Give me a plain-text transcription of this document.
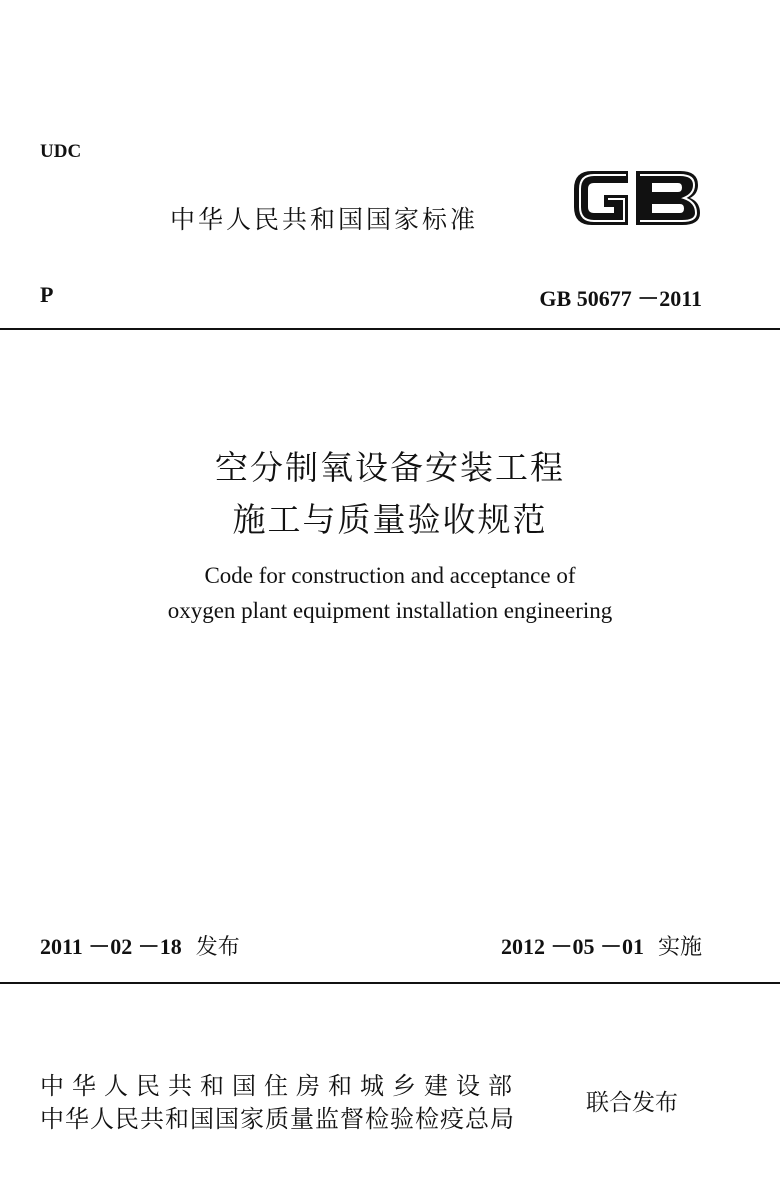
UDC
中华人民共和国国家标准
P	GB 50677 －2011
空分制氧设备安装工程
施工与质量验收规范
Code for construction and acceptance of
oxygen plant equipment installation engineering
2011 －02 －18 发布	2012 －05 －01 实施
中华人民共和国住房和城乡建设部
中华人民共和国国家质量监督检验检疫总局
联合发布
